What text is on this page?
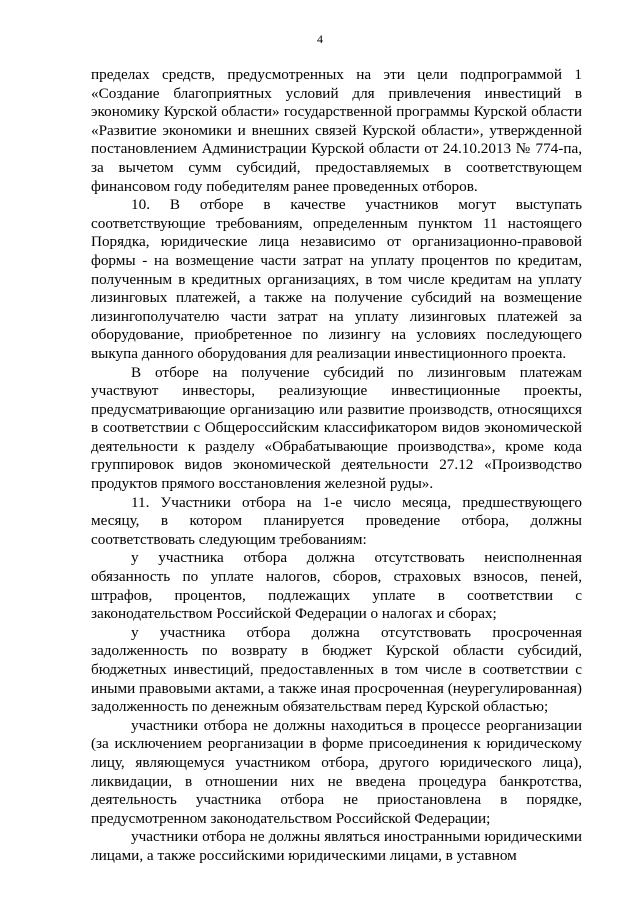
4

пределах средств, предусмотренных на эти цели подпрограммой 1 «Создание благоприятных условий для привлечения инвестиций в экономику Курской области» государственной программы Курской области «Развитие экономики и внешних связей Курской области», утвержденной постановлением Администрации Курской области от 24.10.2013 № 774-па, за вычетом сумм субсидий, предоставляемых в соответствующем финансовом году победителям ранее проведенных отборов.

10. В отборе в качестве участников могут выступать соответствующие требованиям, определенным пунктом 11 настоящего Порядка, юридические лица независимо от организационно-правовой формы - на возмещение части затрат на уплату процентов по кредитам, полученным в кредитных организациях, в том числе кредитам на уплату лизинговых платежей, а также на получение субсидий на возмещение лизингополучателю части затрат на уплату лизинговых платежей за оборудование, приобретенное по лизингу на условиях последующего выкупа данного оборудования для реализации инвестиционного проекта.

В отборе на получение субсидий по лизинговым платежам участвуют инвесторы, реализующие инвестиционные проекты, предусматривающие организацию или развитие производств, относящихся в соответствии с Общероссийским классификатором видов экономической деятельности к разделу «Обрабатывающие производства», кроме кода группировок видов экономической деятельности 27.12 «Производство продуктов прямого восстановления железной руды».

11. Участники отбора на 1-е число месяца, предшествующего месяцу, в котором планируется проведение отбора, должны соответствовать следующим требованиям:

у участника отбора должна отсутствовать неисполненная обязанность по уплате налогов, сборов, страховых взносов, пеней, штрафов, процентов, подлежащих уплате в соответствии с законодательством Российской Федерации о налогах и сборах;

у участника отбора должна отсутствовать просроченная задолженность по возврату в бюджет Курской области субсидий, бюджетных инвестиций, предоставленных в том числе в соответствии с иными правовыми актами, а также иная просроченная (неурегулированная) задолженность по денежным обязательствам перед Курской областью;

участники отбора не должны находиться в процессе реорганизации (за исключением реорганизации в форме присоединения к юридическому лицу, являющемуся участником отбора, другого юридического лица), ликвидации, в отношении них не введена процедура банкротства, деятельность участника отбора не приостановлена в порядке, предусмотренном законодательством Российской Федерации;

участники отбора не должны являться иностранными юридическими лицами, а также российскими юридическими лицами, в уставном
